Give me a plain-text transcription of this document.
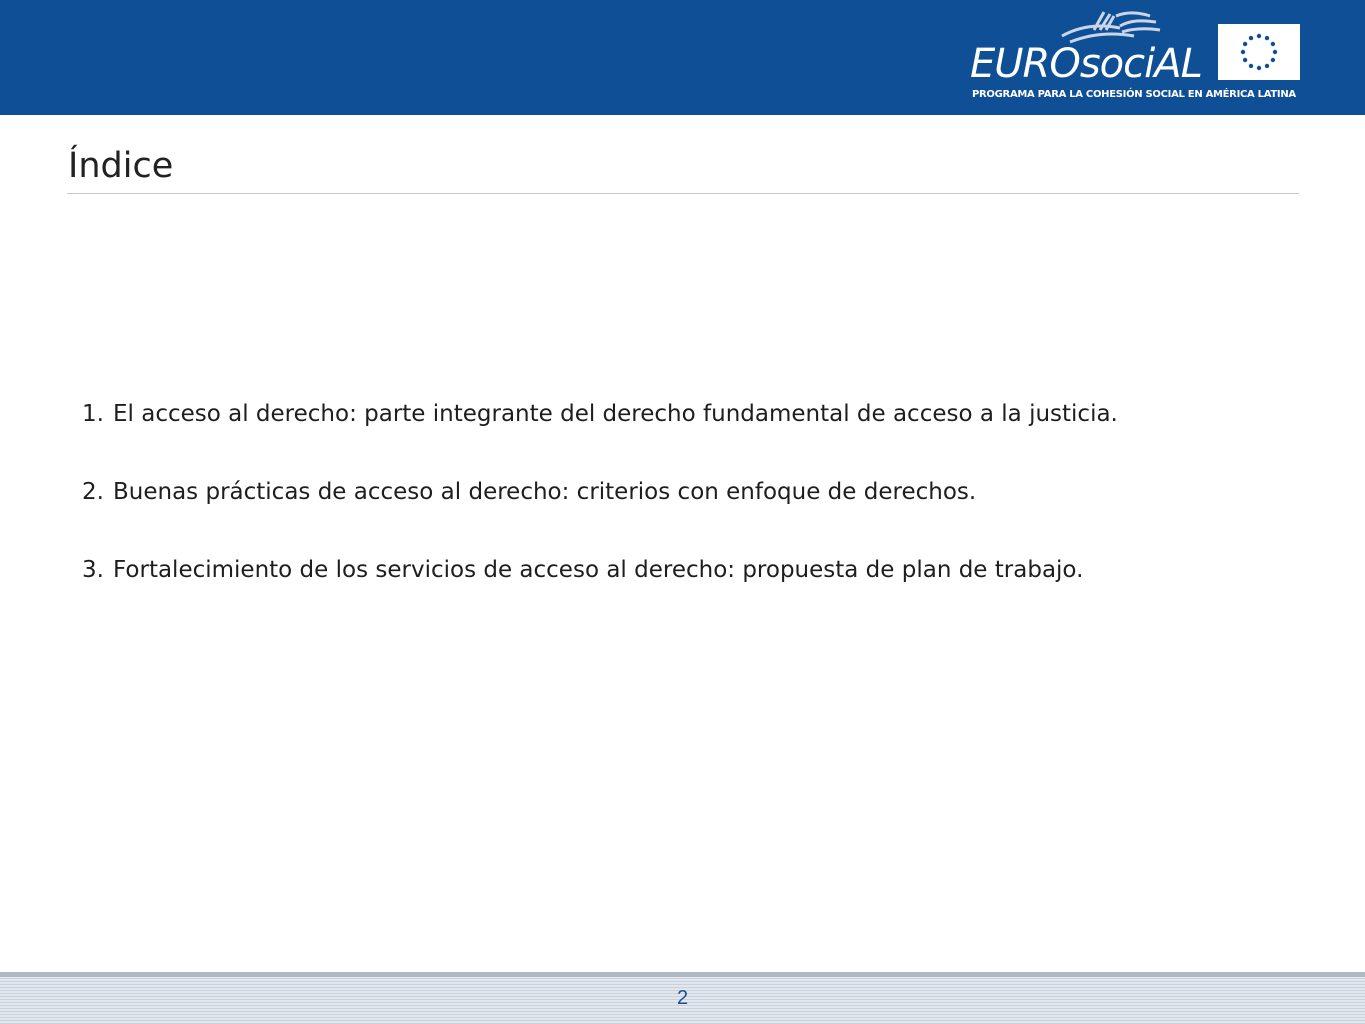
EUROsociAL
PROGRAMA PARA LA COHESIÓN SOCIAL EN AMÉRICA LATINA
Índice
1. El acceso al derecho: parte integrante del derecho fundamental de acceso a la justicia.
2. Buenas prácticas de acceso al derecho: criterios con enfoque de derechos.
3. Fortalecimiento de los servicios de acceso al derecho: propuesta de plan de trabajo.
2
